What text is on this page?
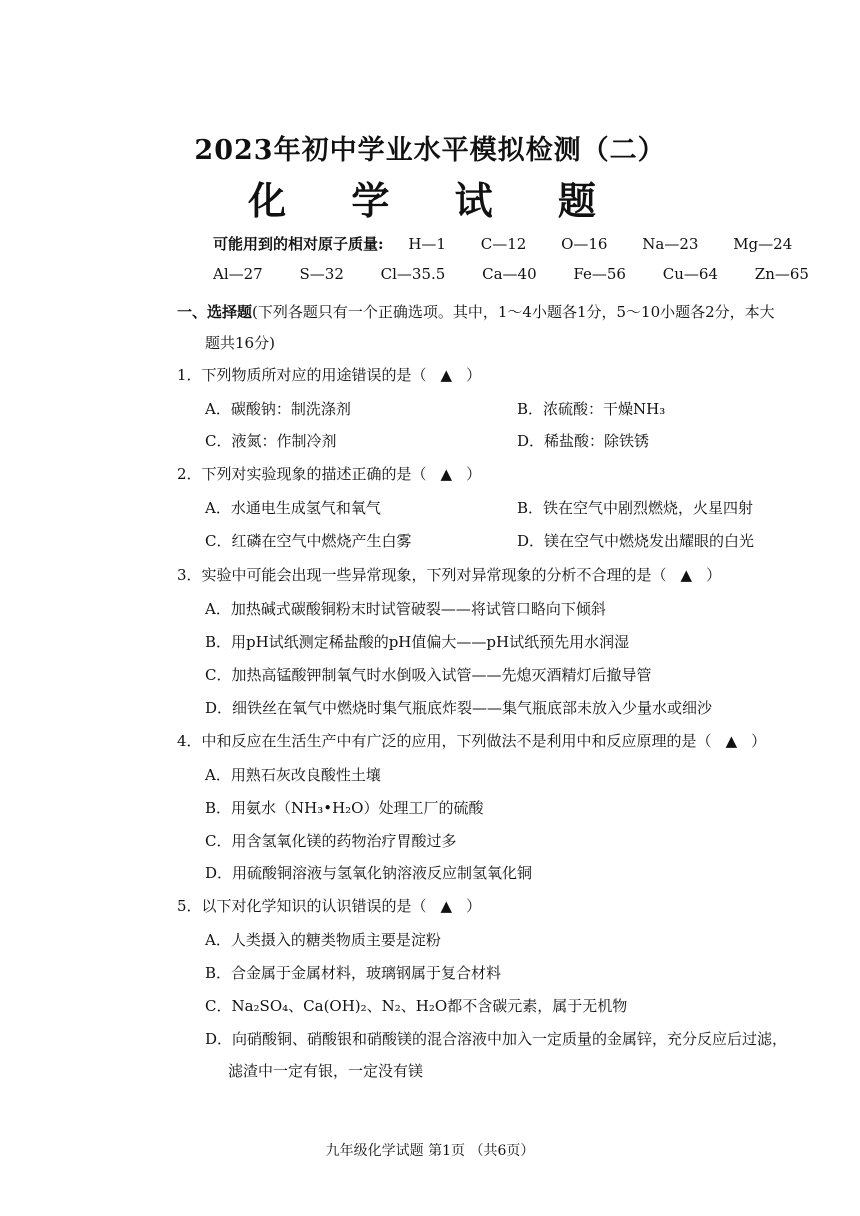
2023年初中学业水平模拟检测（二）
化 学 试 题
可能用到的相对原子质量: H—1 C—12 O—16 Na—23 Mg—24
Al—27 S—32 Cl—35.5 Ca—40 Fe—56 Cu—64 Zn—65
一、选择题(下列各题只有一个正确选项。其中，1～4小题各1分，5～10小题各2分，本大
题共16分)
1．下列物质所对应的用途错误的是（ ▲ ）
A．碳酸钠：制洗涤剂	B．浓硫酸：干燥NH₃
C．液氮：作制冷剂	D．稀盐酸：除铁锈
2．下列对实验现象的描述正确的是（ ▲ ）
A．水通电生成氢气和氧气	B．铁在空气中剧烈燃烧，火星四射
C．红磷在空气中燃烧产生白雾	D．镁在空气中燃烧发出耀眼的白光
3．实验中可能会出现一些异常现象，下列对异常现象的分析不合理的是（ ▲ ）
A．加热碱式碳酸铜粉末时试管破裂——将试管口略向下倾斜
B．用pH试纸测定稀盐酸的pH值偏大——pH试纸预先用水润湿
C．加热高锰酸钾制氧气时水倒吸入试管——先熄灭酒精灯后撤导管
D．细铁丝在氧气中燃烧时集气瓶底炸裂——集气瓶底部未放入少量水或细沙
4．中和反应在生活生产中有广泛的应用，下列做法不是利用中和反应原理的是（ ▲ ）
A．用熟石灰改良酸性土壤
B．用氨水（NH₃•H₂O）处理工厂的硫酸
C．用含氢氧化镁的药物治疗胃酸过多
D．用硫酸铜溶液与氢氧化钠溶液反应制氢氧化铜
5．以下对化学知识的认识错误的是（ ▲ ）
A．人类摄入的糖类物质主要是淀粉
B．合金属于金属材料，玻璃钢属于复合材料
C．Na₂SO₄、Ca(OH)₂、N₂、H₂O都不含碳元素，属于无机物
D．向硝酸铜、硝酸银和硝酸镁的混合溶液中加入一定质量的金属锌，充分反应后过滤，
滤渣中一定有银，一定没有镁
九年级化学试题 第1页 （共6页）
